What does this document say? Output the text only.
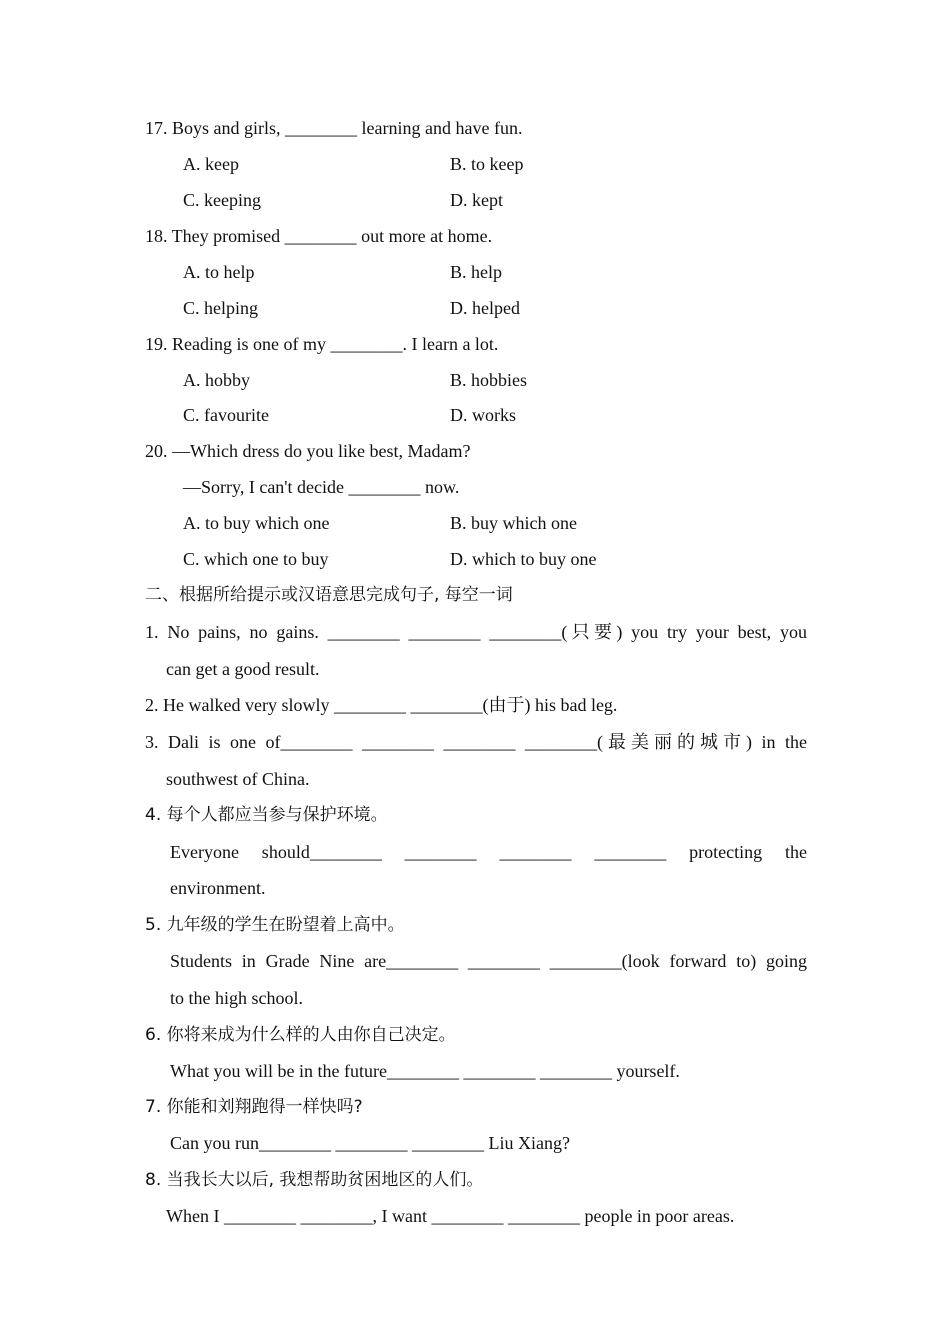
17. Boys and girls, ________ learning and have fun.
A. keep	B. to keep
C. keeping	D. kept
18. They promised ________ out more at home.
A. to help	B. help
C. helping	D. helped
19. Reading is one of my ________. I learn a lot.
A. hobby	B. hobbies
C. favourite	D. works
20. —Which dress do you like best, Madam?
—Sorry, I can't decide ________ now.
A. to buy which one	B. buy which one
C. which one to buy	D. which to buy one
二、根据所给提示或汉语意思完成句子, 每空一词
1. No pains, no gains. ________ ________ ________(只要) you try your best, you
can get a good result.
2. He walked very slowly ________ ________(由于) his bad leg.
3. Dali is one of________ ________ ________ ________(最美丽的城市) in the
southwest of China.
4. 每个人都应当参与保护环境。
Everyone should________ ________ ________ ________ protecting the
environment.
5. 九年级的学生在盼望着上高中。
Students in Grade Nine are________ ________ ________(look forward to) going
to the high school.
6. 你将来成为什么样的人由你自己决定。
What you will be in the future________ ________ ________ yourself.
7. 你能和刘翔跑得一样快吗?
Can you run________ ________ ________ Liu Xiang?
8. 当我长大以后, 我想帮助贫困地区的人们。
When I ________ ________, I want ________ ________ people in poor areas.
